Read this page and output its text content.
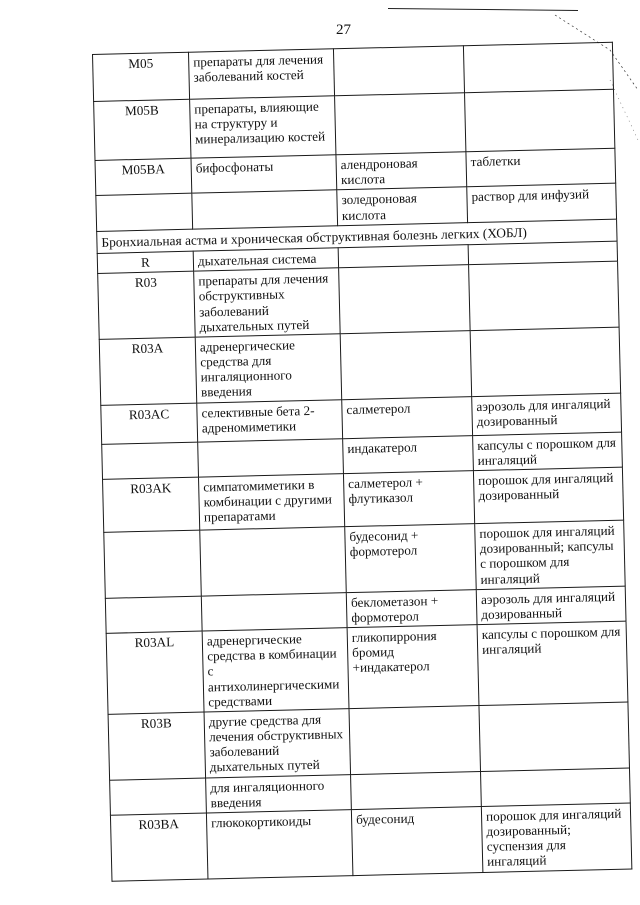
27
M05	препараты для лечения заболеваний костей		
M05B	препараты, влияющие на структуру и минерализацию костей		
M05BA	бифосфонаты	алендроновая кислота	таблетки
		золедроновая кислота	раствор для инфузий
Бронхиальная астма и хроническая обструктивная болезнь легких (ХОБЛ)			
R	дыхательная система		
R03	препараты для лечения обструктивных заболеваний дыхательных путей		
R03A	адренергические средства для ингаляционного введения		
R03AC	селективные бета 2-адреномиметики	салметерол	аэрозоль для ингаляций дозированный
		индакатерол	капсулы с порошком для ингаляций
R03AK	симпатомиметики в комбинации с другими препаратами	салметерол + флутиказол	порошок для ингаляций дозированный
		будесонид + формотерол	порошок для ингаляций дозированный; капсулы с порошком для ингаляций
		беклометазон + формотерол	аэрозоль для ингаляций дозированный
R03AL	адренергические средства в комбинации с антихолинергическими средствами	гликопиррония бромид +индакатерол	капсулы с порошком для ингаляций
R03B	другие средства для лечения обструктивных заболеваний дыхательных путей		
	для ингаляционного введения		
R03BA	глюкокортикоиды	будесонид	порошок для ингаляций дозированный; суспензия для ингаляций
